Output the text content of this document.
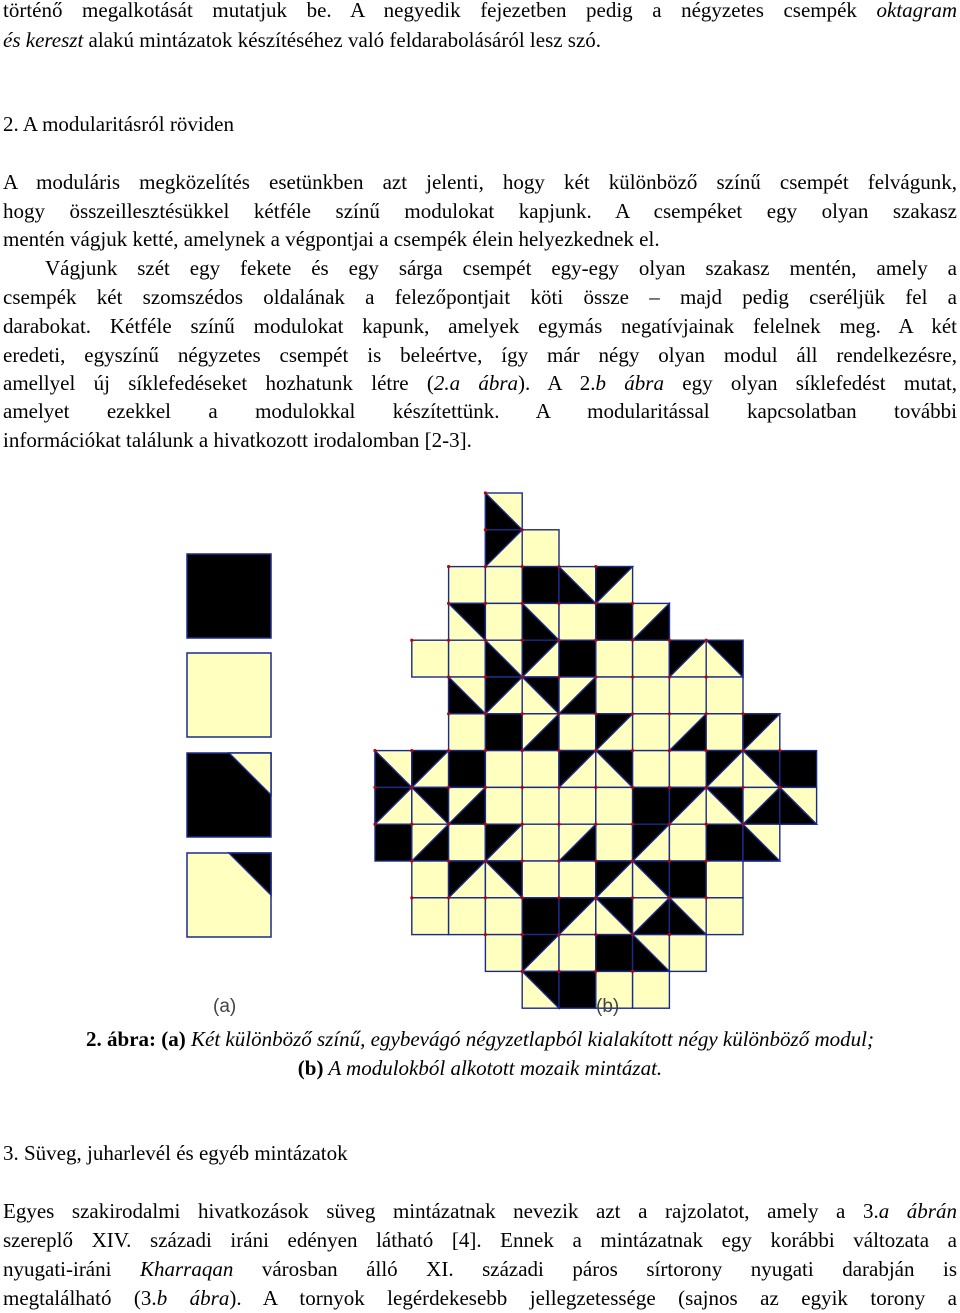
történő megalkotását mutatjuk be. A negyedik fejezetben pedig a négyzetes csempék oktagram
és kereszt alakú mintázatok készítéséhez való feldarabolásáról lesz szó.
2. A modularitásról röviden
A moduláris megközelítés esetünkben azt jelenti, hogy két különböző színű csempét felvágunk,
hogy összeillesztésükkel kétféle színű modulokat kapjunk. A csempéket egy olyan szakasz
mentén vágjuk ketté, amelynek a végpontjai a csempék élein helyezkednek el.
Vágjunk szét egy fekete és egy sárga csempét egy-egy olyan szakasz mentén, amely a
csempék két szomszédos oldalának a felezőpontjait köti össze – majd pedig cseréljük fel a
darabokat. Kétféle színű modulokat kapunk, amelyek egymás negatívjainak felelnek meg. A két
eredeti, egyszínű négyzetes csempét is beleértve, így már négy olyan modul áll rendelkezésre,
amellyel új síklefedéseket hozhatunk létre (2.a ábra). A 2.b ábra egy olyan síklefedést mutat,
amelyet ezekkel a modulokkal készítettünk. A modularitással kapcsolatban további
információkat találunk a hivatkozott irodalomban [2-3].
(a)	(b)
2. ábra: (a) Két különböző színű, egybevágó négyzetlapból kialakított négy különböző modul;
(b) A modulokból alkotott mozaik mintázat.
3. Süveg, juharlevél és egyéb mintázatok
Egyes szakirodalmi hivatkozások süveg mintázatnak nevezik azt a rajzolatot, amely a 3.a ábrán
szereplő XIV. századi iráni edényen látható [4]. Ennek a mintázatnak egy korábbi változata a
nyugati-iráni Kharraqan városban álló XI. századi páros sírtorony nyugati darabján is
megtalálható (3.b ábra). A tornyok legérdekesebb jellegzetessége (sajnos az egyik torony a
